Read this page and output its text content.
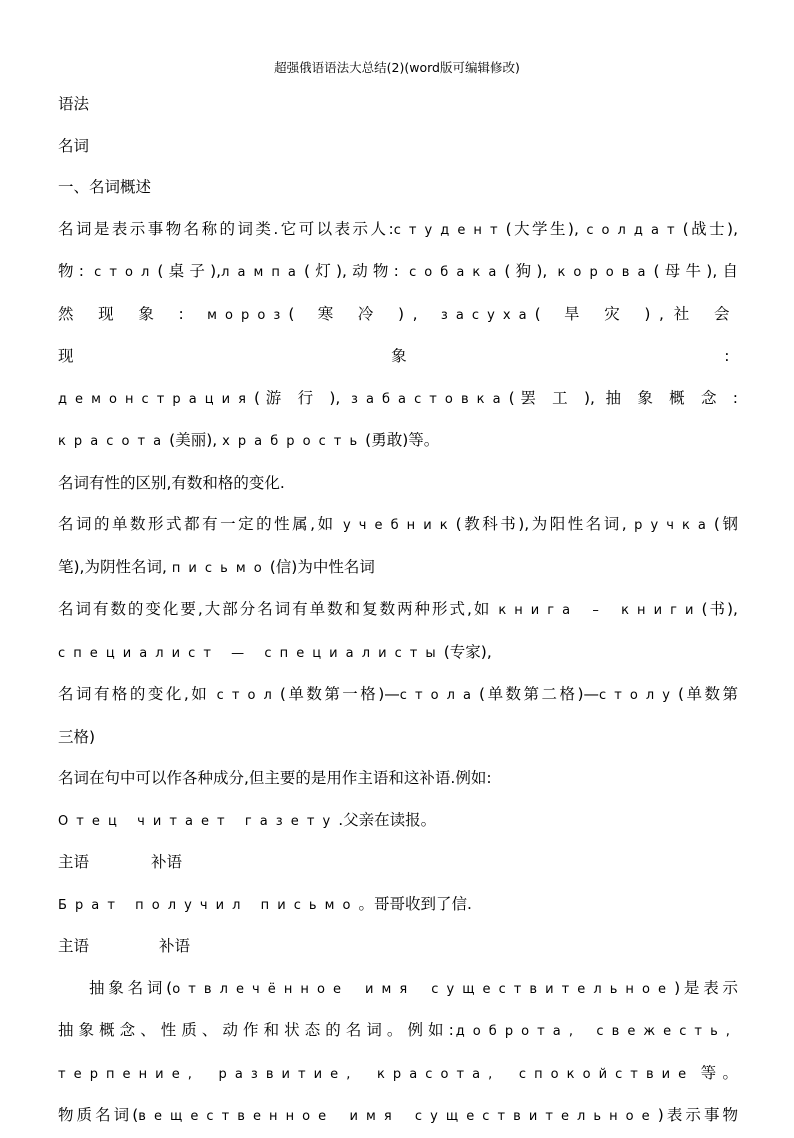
超强俄语语法大总结(2)(word版可编辑修改)

语法

名词

一、名词概述

名词是表示事物名称的词类.它可以表示人:студент(大学生), солдат(战士),

物: стол(桌子),лампа(灯),动物: собака(狗), корова(母牛),自

然 现 象 : мороз( 寒 冷 ), засуха( 旱 灾 ),社 会 现 象 :

демонстрация(游 行 ), забастовка(罢 工 ), 抽 象 概 念 :

красота(美丽), храбрость(勇敢)等。

名词有性的区别,有数和格的变化.

名词的单数形式都有一定的性属,如 учебник(教科书),为阳性名词, ручка(钢

笔),为阴性名词, письмо(信)为中性名词

名词有数的变化要,大部分名词有单数和复数两种形式,如 книга – книги(书),

специалист — специалисты(专家),

名词有格的变化,如 стол(单数第一格)—стола(单数第二格)—столу(单数第

三格)

名词在句中可以作各种成分,但主要的是用作主语和这补语.例如:

Отец читает газету.父亲在读报。

主语	补语

Брат получил письмо。哥哥收到了信.

主语	补语

抽象名词(отвлечённое имя существительное)是表示

抽象概念、性质、动作和状态的名词。例如:доброта, свежесть,

терпение, развитие, красота, спокойствие等。

物质名词(вещественное имя существительное)表示事物
